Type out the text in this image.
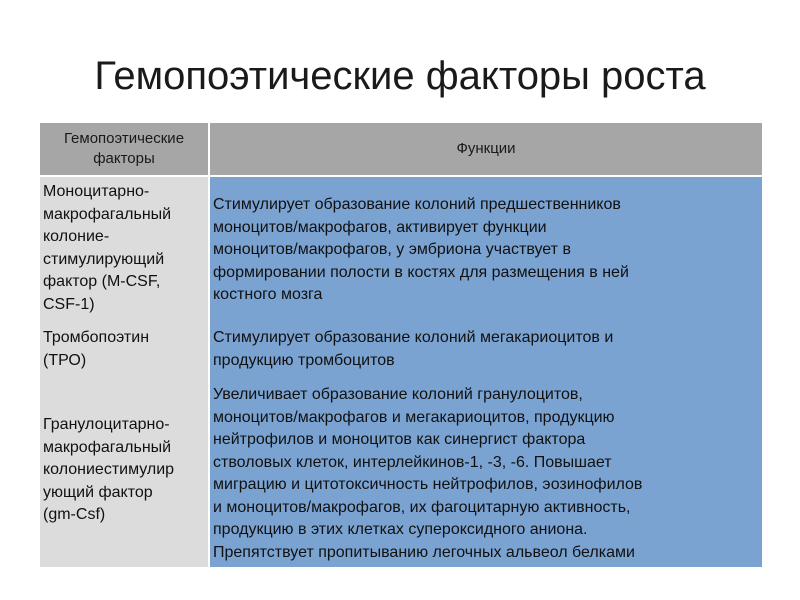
Гемопоэтические факторы роста
Гемопоэтические
факторы
Функции
Моноцитарно-
макрофагальный
колоние-
стимулирующий
фактор (М-CSF,
CSF-1)
Стимулирует образование колоний предшественников
моноцитов/макрофагов, активирует функции
моноцитов/макрофагов, у эмбриона участвует в
формировании полости в костях для размещения в ней
костного мозга
Тромбопоэтин
(ТРО)
Стимулирует образование колоний мегакариоцитов и
продукцию тромбоцитов
Гранулоцитарно-
макрофагальный
колониестимулир
ующий фактор
(gm-Csf)
Увеличивает образование колоний гранулоцитов,
моноцитов/макрофагов и мегакариоцитов, продукцию
нейтрофилов и моноцитов как синергист фактора
стволовых клеток, интерлейкинов-1, -3, -6. Повышает
миграцию и цитотоксичность нейтрофилов, эозинофилов
и моноцитов/макрофагов, их фагоцитарную активность,
продукцию в этих клетках супероксидного аниона.
Препятствует пропитыванию легочных альвеол белками
